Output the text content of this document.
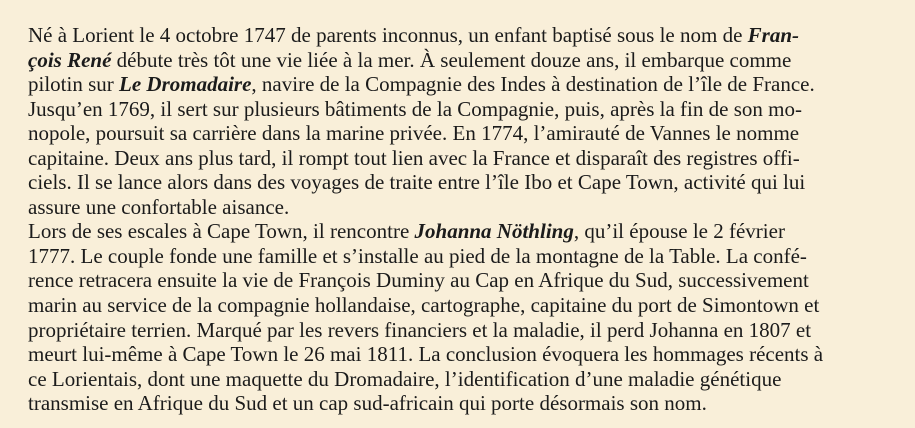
Né à Lorient le 4 octobre 1747 de parents inconnus, un enfant baptisé sous le nom de Fran-
çois René débute très tôt une vie liée à la mer. À seulement douze ans, il embarque comme
pilotin sur Le Dromadaire, navire de la Compagnie des Indes à destination de l’île de France.
Jusqu’en 1769, il sert sur plusieurs bâtiments de la Compagnie, puis, après la fin de son mo-
nopole, poursuit sa carrière dans la marine privée. En 1774, l’amirauté de Vannes le nomme
capitaine. Deux ans plus tard, il rompt tout lien avec la France et disparaît des registres offi-
ciels. Il se lance alors dans des voyages de traite entre l’île Ibo et Cape Town, activité qui lui
assure une confortable aisance.
Lors de ses escales à Cape Town, il rencontre Johanna Nöthling, qu’il épouse le 2 février
1777. Le couple fonde une famille et s’installe au pied de la montagne de la Table. La confé-
rence retracera ensuite la vie de François Duminy au Cap en Afrique du Sud, successivement
marin au service de la compagnie hollandaise, cartographe, capitaine du port de Simontown et
propriétaire terrien. Marqué par les revers financiers et la maladie, il perd Johanna en 1807 et
meurt lui-même à Cape Town le 26 mai 1811. La conclusion évoquera les hommages récents à
ce Lorientais, dont une maquette du Dromadaire, l’identification d’une maladie génétique
transmise en Afrique du Sud et un cap sud-africain qui porte désormais son nom.
